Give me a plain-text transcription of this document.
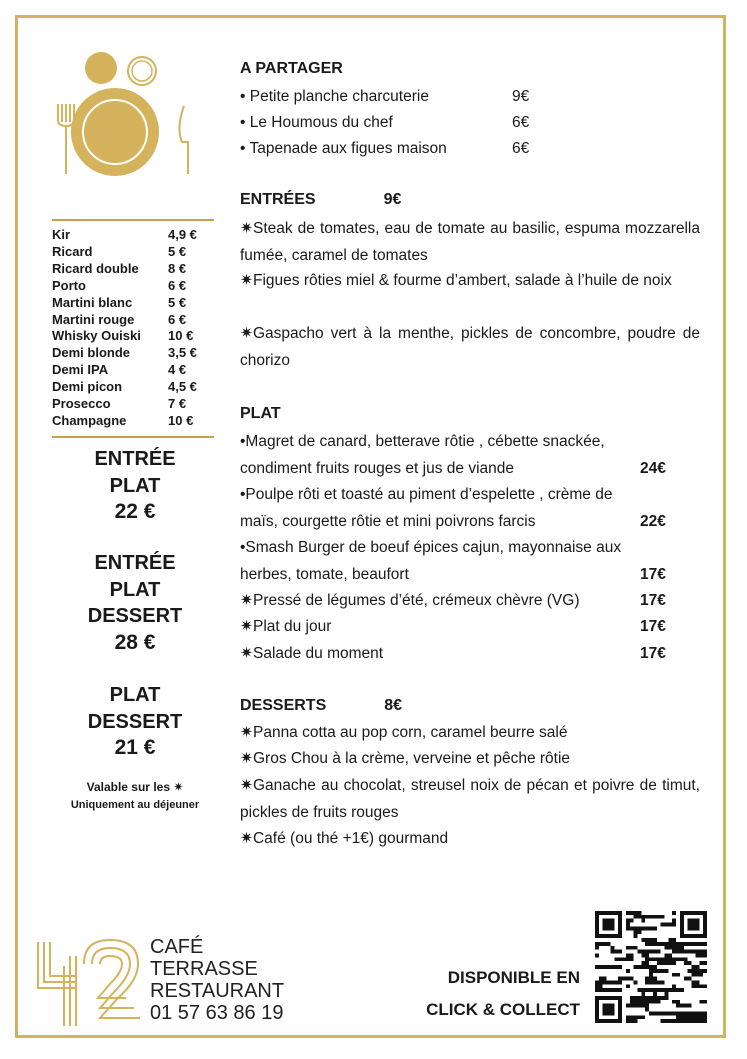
Kir	4,9 €
Ricard	5 €
Ricard double 8 €
Porto	6 €
Martini blanc	5 €
Martini rouge	6 €
Whisky Ouiski 10 €
Demi blonde	3,5 €
Demi IPA	4 €
Demi picon	4,5 €
Prosecco	7 €
Champagne	10 €
ENTRÉE
PLAT
22 €
ENTRÉE
PLAT
DESSERT
28 €
PLAT
DESSERT
21 €
Valable sur les ✷
Uniquement au déjeuner
A PARTAGER
• Petite planche charcuterie	9€
• Le Houmous du chef	6€
• Tapenade aux figues maison	6€
ENTRÉES	9€
✷Steak de tomates, eau de tomate au basilic, espuma mozzarella fumée, caramel de tomates
✷Figues rôties miel & fourme d’ambert, salade à l’huile de noix
✷Gaspacho vert à la menthe, pickles de concombre, poudre de chorizo
PLAT
•Magret de canard, betterave rôtie , cébette snackée,
condiment fruits rouges et jus de viande	24€
•Poulpe rôti et toasté au piment d’espelette , crème de
maïs, courgette rôtie et mini poivrons farcis	22€
•Smash Burger de boeuf épices cajun, mayonnaise aux
herbes, tomate, beaufort	17€
✷Pressé de légumes d’été, crémeux chèvre (VG)	17€
✷Plat du jour	17€
✷Salade du moment	17€
DESSERTS	8€
✷Panna cotta au pop corn, caramel beurre salé
✷Gros Chou à la crème, verveine et pêche rôtie
✷Ganache au chocolat, streusel noix de pécan et poivre de timut, pickles de fruits rouges
✷Café (ou thé +1€) gourmand
CAFÉ
TERRASSE
RESTAURANT
01 57 63 86 19
DISPONIBLE EN
CLICK & COLLECT
